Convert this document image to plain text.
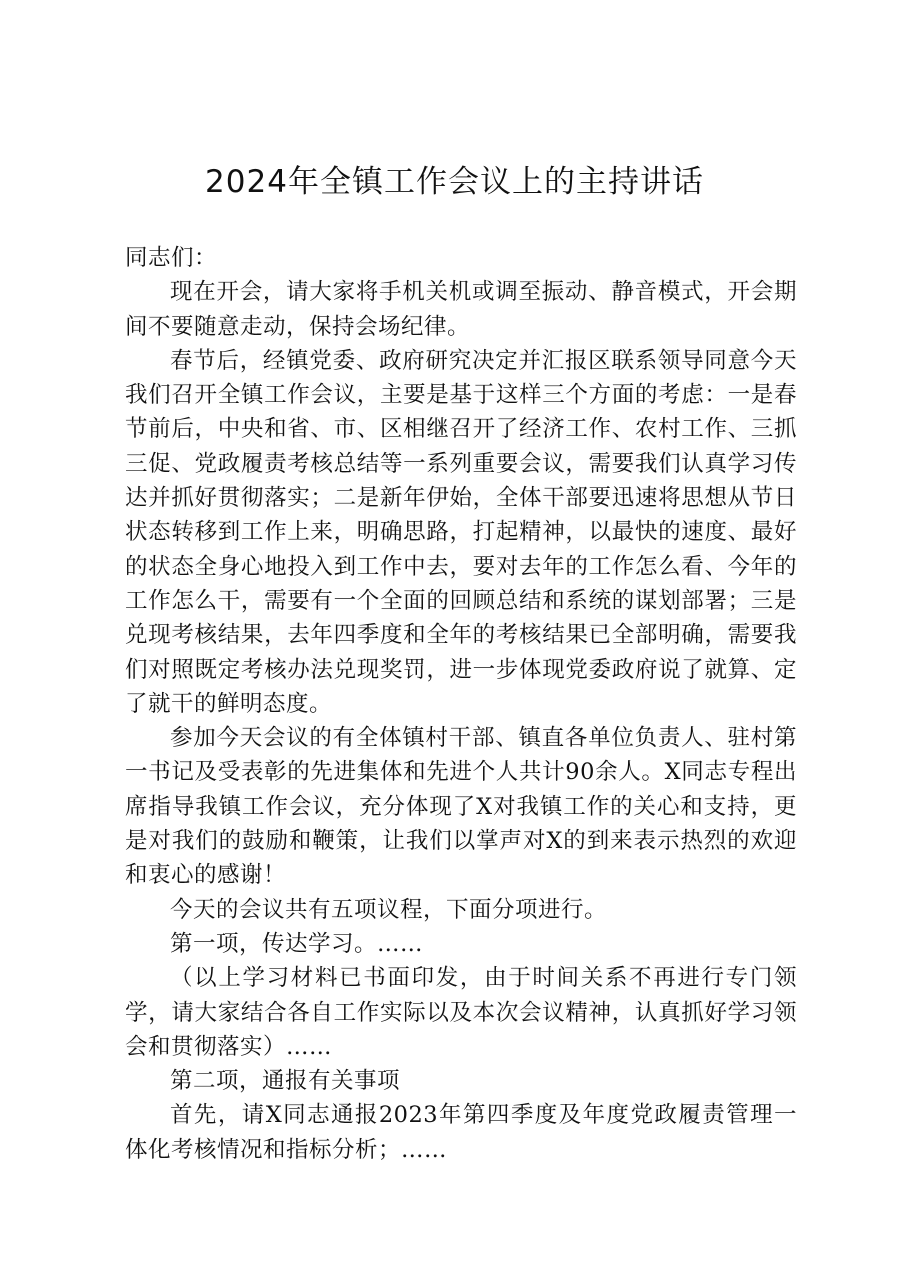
2024年全镇工作会议上的主持讲话

同志们：

现在开会，请大家将手机关机或调至振动、静音模式，开会期间不要随意走动，保持会场纪律。

春节后，经镇党委、政府研究决定并汇报区联系领导同意今天我们召开全镇工作会议，主要是基于这样三个方面的考虑：一是春节前后，中央和省、市、区相继召开了经济工作、农村工作、三抓三促、党政履责考核总结等一系列重要会议，需要我们认真学习传达并抓好贯彻落实；二是新年伊始，全体干部要迅速将思想从节日状态转移到工作上来，明确思路，打起精神，以最快的速度、最好的状态全身心地投入到工作中去，要对去年的工作怎么看、今年的工作怎么干，需要有一个全面的回顾总结和系统的谋划部署；三是兑现考核结果，去年四季度和全年的考核结果已全部明确，需要我们对照既定考核办法兑现奖罚，进一步体现党委政府说了就算、定了就干的鲜明态度。

参加今天会议的有全体镇村干部、镇直各单位负责人、驻村第一书记及受表彰的先进集体和先进个人共计90余人。X同志专程出席指导我镇工作会议，充分体现了X对我镇工作的关心和支持，更是对我们的鼓励和鞭策，让我们以掌声对X的到来表示热烈的欢迎和衷心的感谢！

今天的会议共有五项议程，下面分项进行。

第一项，传达学习。……

（以上学习材料已书面印发，由于时间关系不再进行专门领学，请大家结合各自工作实际以及本次会议精神，认真抓好学习领会和贯彻落实）……

第二项，通报有关事项

首先，请X同志通报2023年第四季度及年度党政履责管理一体化考核情况和指标分析；……
